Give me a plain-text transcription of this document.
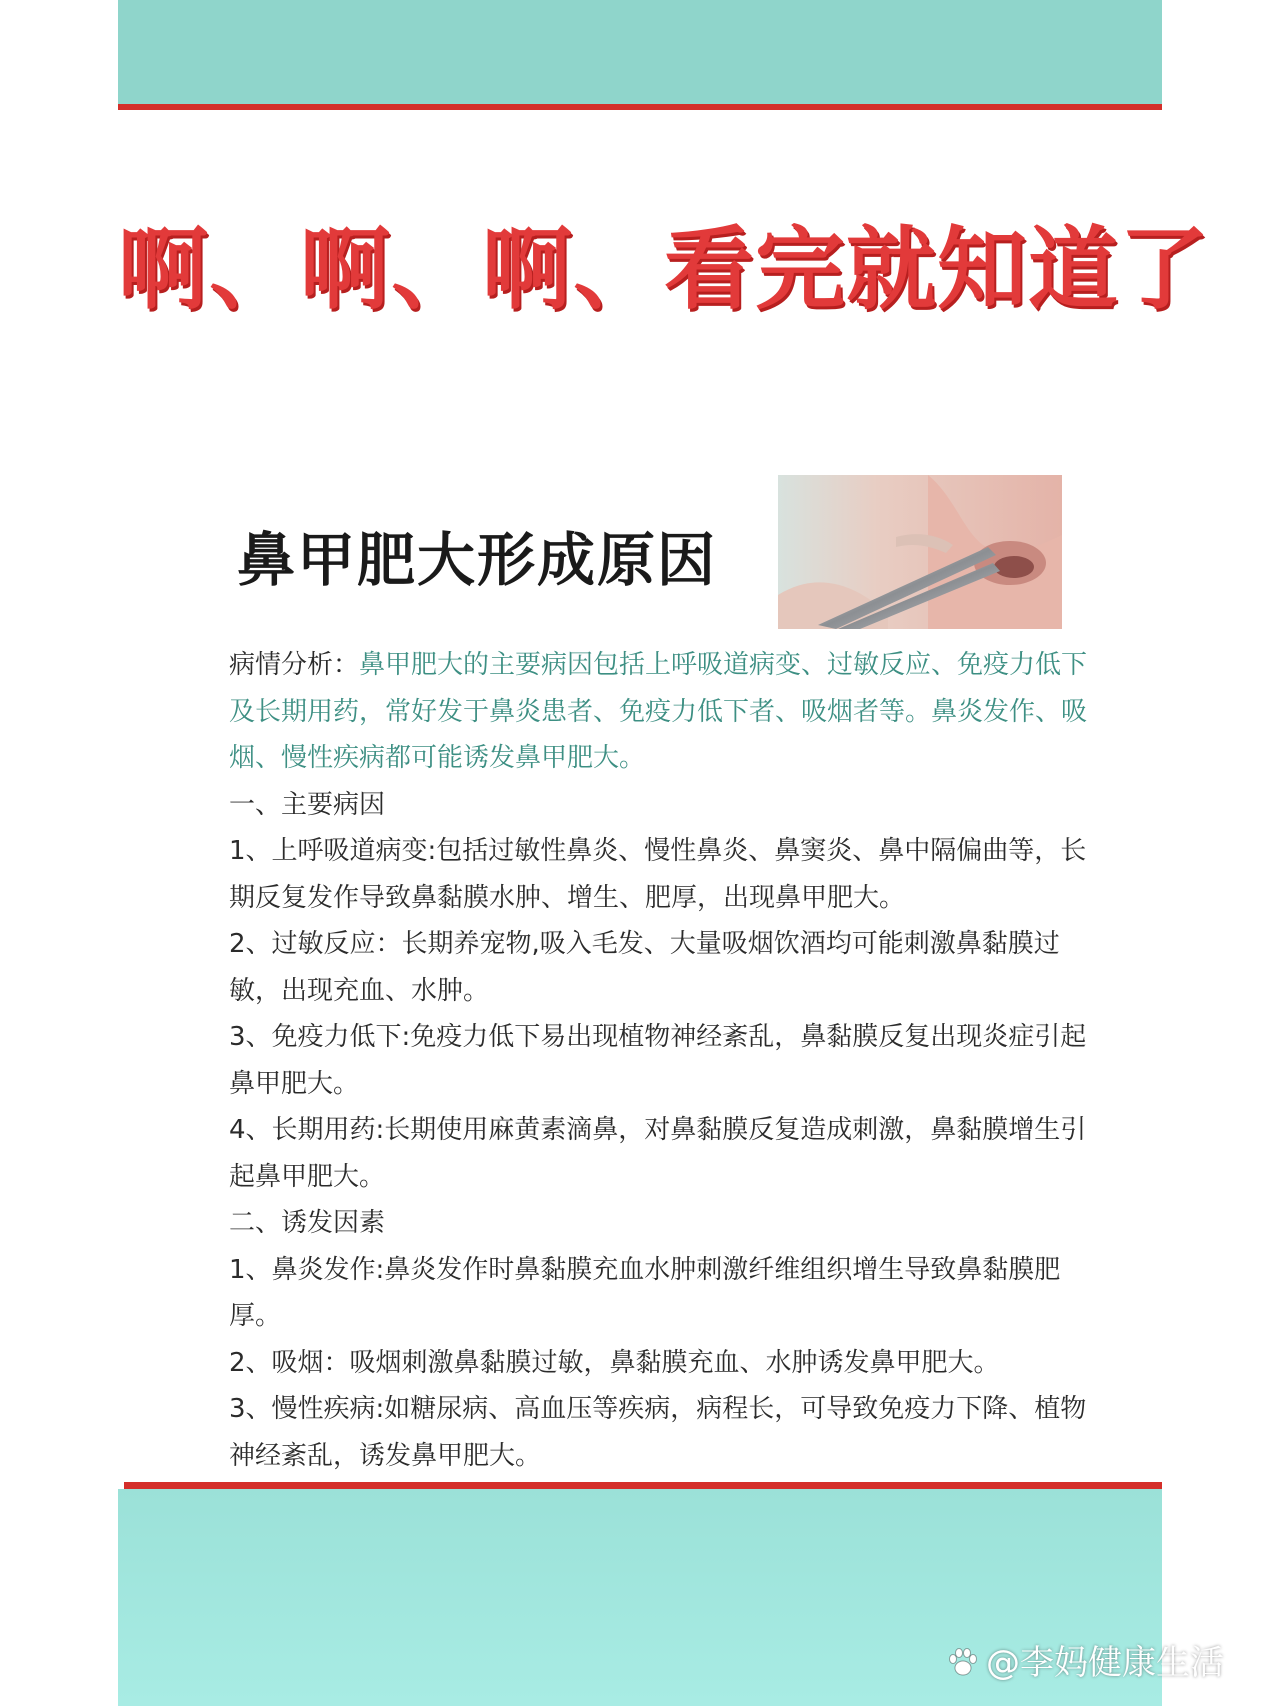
啊、啊、啊、看完就知道了
鼻甲肥大形成原因

病情分析：鼻甲肥大的主要病因包括上呼吸道病变、过敏反应、免疫力低下及长期用药，常好发于鼻炎患者、免疫力低下者、吸烟者等。鼻炎发作、吸烟、慢性疾病都可能诱发鼻甲肥大。

一、主要病因

1、上呼吸道病变:包括过敏性鼻炎、慢性鼻炎、鼻窦炎、鼻中隔偏曲等，长期反复发作导致鼻黏膜水肿、增生、肥厚，出现鼻甲肥大。

2、过敏反应：长期养宠物,吸入毛发、大量吸烟饮酒均可能刺激鼻黏膜过敏，出现充血、水肿。

3、免疫力低下:免疫力低下易出现植物神经紊乱，鼻黏膜反复出现炎症引起鼻甲肥大。

4、长期用药:长期使用麻黄素滴鼻，对鼻黏膜反复造成刺激，鼻黏膜增生引起鼻甲肥大。

二、诱发因素

1、鼻炎发作:鼻炎发作时鼻黏膜充血水肿刺激纤维组织增生导致鼻黏膜肥厚。

2、吸烟：吸烟刺激鼻黏膜过敏，鼻黏膜充血、水肿诱发鼻甲肥大。

3、慢性疾病:如糖尿病、高血压等疾病，病程长，可导致免疫力下降、植物神经紊乱，诱发鼻甲肥大。

@李妈健康生活
